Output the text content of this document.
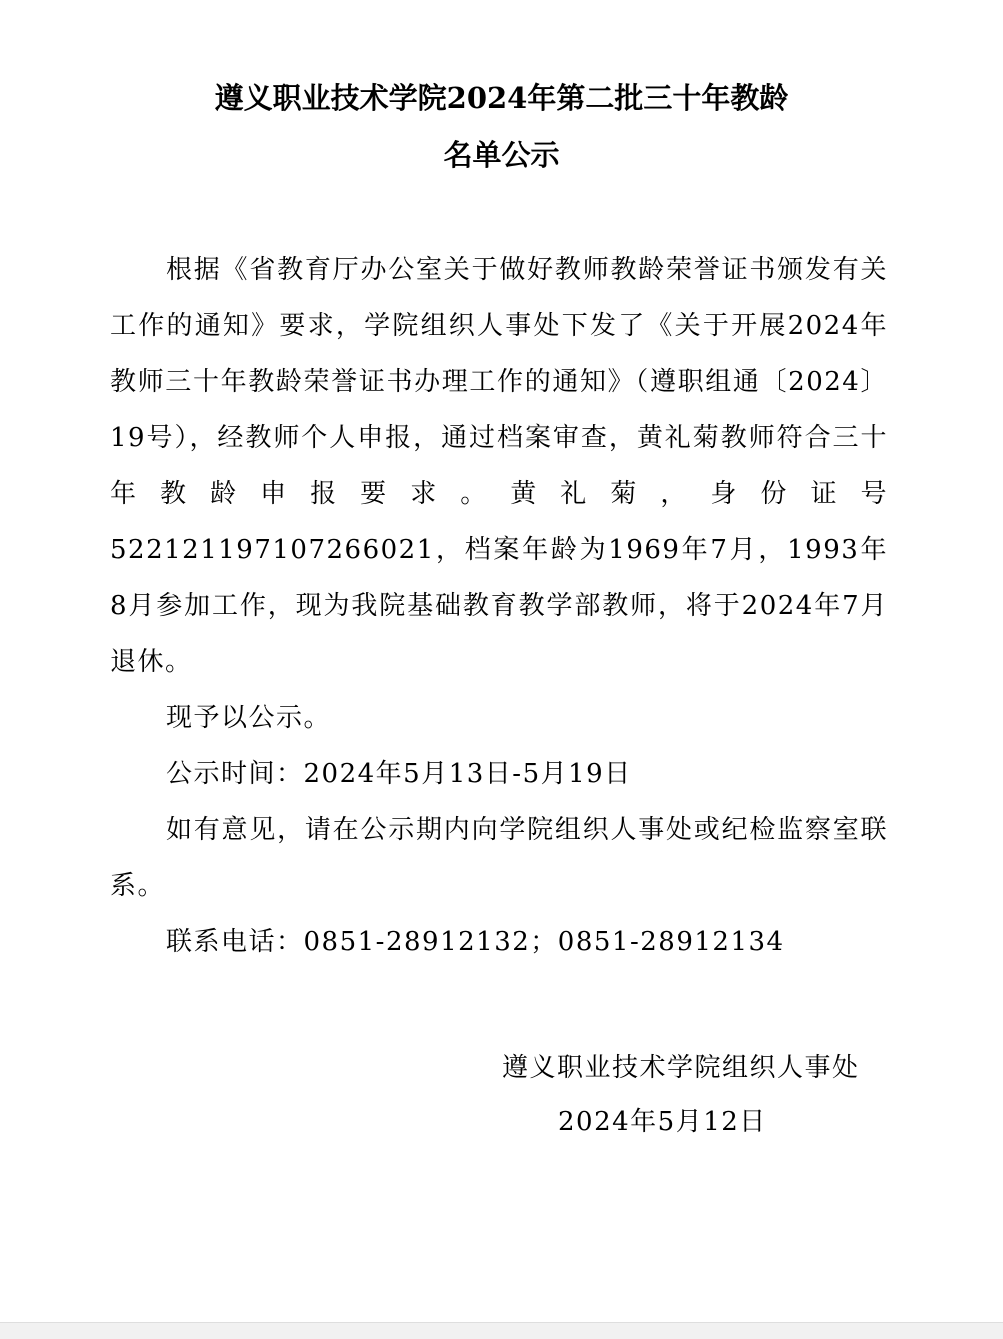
遵义职业技术学院2024年第二批三十年教龄
名单公示

根据《省教育厅办公室关于做好教师教龄荣誉证书颁发有关工作的通知》要求，学院组织人事处下发了《关于开展2024年教师三十年教龄荣誉证书办理工作的通知》（遵职组通〔2024〕19号），经教师个人申报，通过档案审查，黄礼菊教师符合三十年教龄申报要求。黄礼菊，身份证号522121197107266021，档案年龄为1969年7月，1993年8月参加工作，现为我院基础教育教学部教师，将于2024年7月退休。

现予以公示。

公示时间：2024年5月13日-5月19日

如有意见，请在公示期内向学院组织人事处或纪检监察室联系。

联系电话：0851-28912132；0851-28912134

遵义职业技术学院组织人事处
2024年5月12日
